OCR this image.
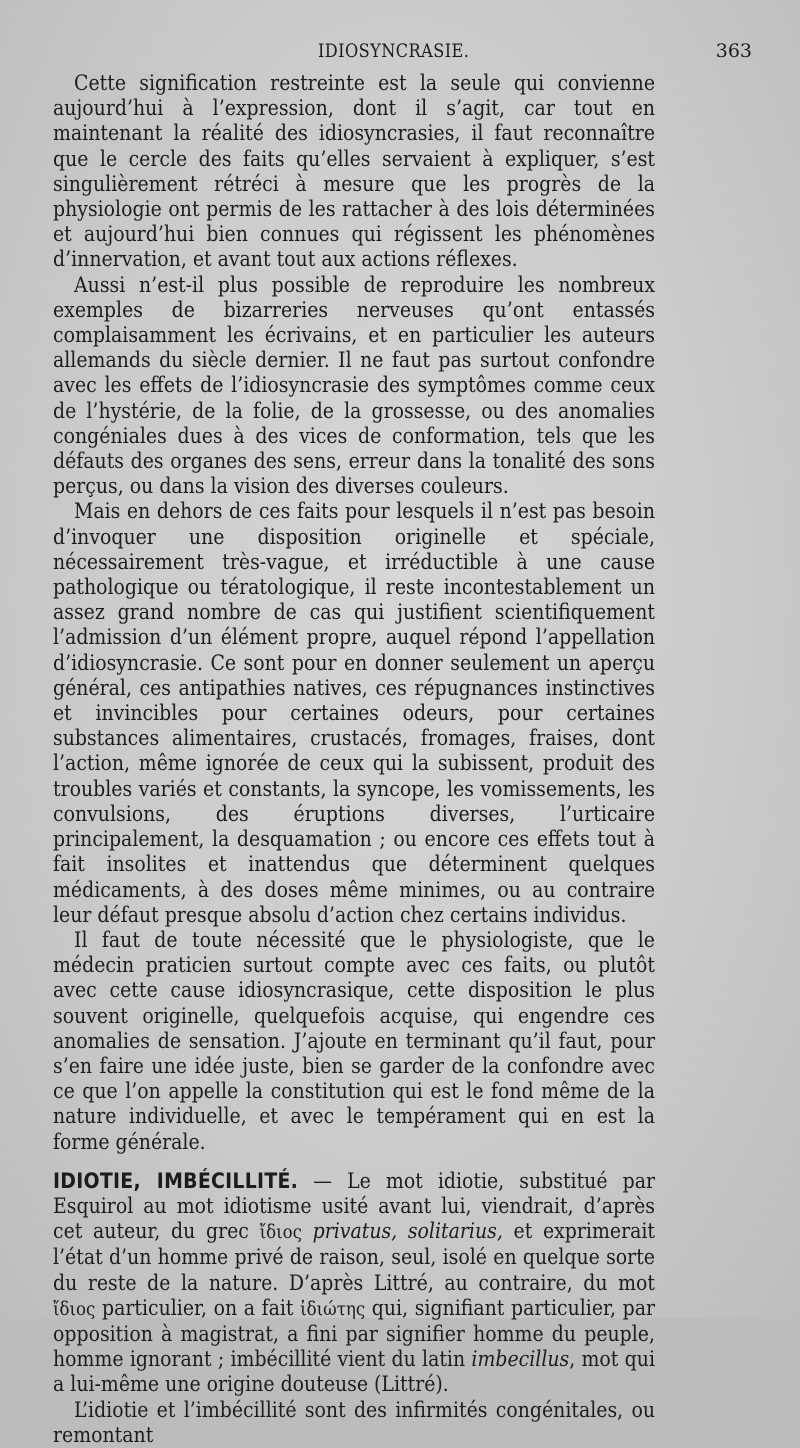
IDIOSYNCRASIE.	363

Cette signification restreinte est la seule qui convienne aujourd’hui à l’expression, dont il s’agit, car tout en maintenant la réalité des idiosyncrasies, il faut reconnaître que le cercle des faits qu’elles servaient à expliquer, s’est singulièrement rétréci à mesure que les progrès de la physiologie ont permis de les rattacher à des lois déterminées et aujourd’hui bien connues qui régissent les phénomènes d’innervation, et avant tout aux actions réflexes.

Aussi n’est-il plus possible de reproduire les nombreux exemples de bizarreries nerveuses qu’ont entassés complaisamment les écrivains, et en particulier les auteurs allemands du siècle dernier. Il ne faut pas surtout confondre avec les effets de l’idiosyncrasie des symptômes comme ceux de l’hystérie, de la folie, de la grossesse, ou des anomalies congéniales dues à des vices de conformation, tels que les défauts des organes des sens, erreur dans la tonalité des sons perçus, ou dans la vision des diverses couleurs.

Mais en dehors de ces faits pour lesquels il n’est pas besoin d’invoquer une disposition originelle et spéciale, nécessairement très-vague, et irréductible à une cause pathologique ou tératologique, il reste incontestablement un assez grand nombre de cas qui justifient scientifiquement l’admission d’un élément propre, auquel répond l’appellation d’idiosyncrasie. Ce sont pour en donner seulement un aperçu général, ces antipathies natives, ces répugnances instinctives et invincibles pour certaines odeurs, pour certaines substances alimentaires, crustacés, fromages, fraises, dont l’action, même ignorée de ceux qui la subissent, produit des troubles variés et constants, la syncope, les vomissements, les convulsions, des éruptions diverses, l’urticaire principalement, la desquamation ; ou encore ces effets tout à fait insolites et inattendus que déterminent quelques médicaments, à des doses même minimes, ou au contraire leur défaut presque absolu d’action chez certains individus.

Il faut de toute nécessité que le physiologiste, que le médecin praticien surtout compte avec ces faits, ou plutôt avec cette cause idiosyncrasique, cette disposition le plus souvent originelle, quelquefois acquise, qui engendre ces anomalies de sensation. J’ajoute en terminant qu’il faut, pour s’en faire une idée juste, bien se garder de la confondre avec ce que l’on appelle la constitution qui est le fond même de la nature individuelle, et avec le tempérament qui en est la forme générale.

IDIOTIE, IMBÉCILLITÉ. — Le mot idiotie, substitué par Esquirol au mot idiotisme usité avant lui, viendrait, d’après cet auteur, du grec ἴδιος privatus, solitarius, et exprimerait l’état d’un homme privé de raison, seul, isolé en quelque sorte du reste de la nature. D’après Littré, au contraire, du mot ἴδιος particulier, on a fait ἰδιώτης qui, signifiant particulier, par opposition à magistrat, a fini par signifier homme du peuple, homme ignorant ; imbécillité vient du latin imbecillus, mot qui a lui-même une origine douteuse (Littré).

L’idiotie et l’imbécillité sont des infirmités congénitales, ou remontant
